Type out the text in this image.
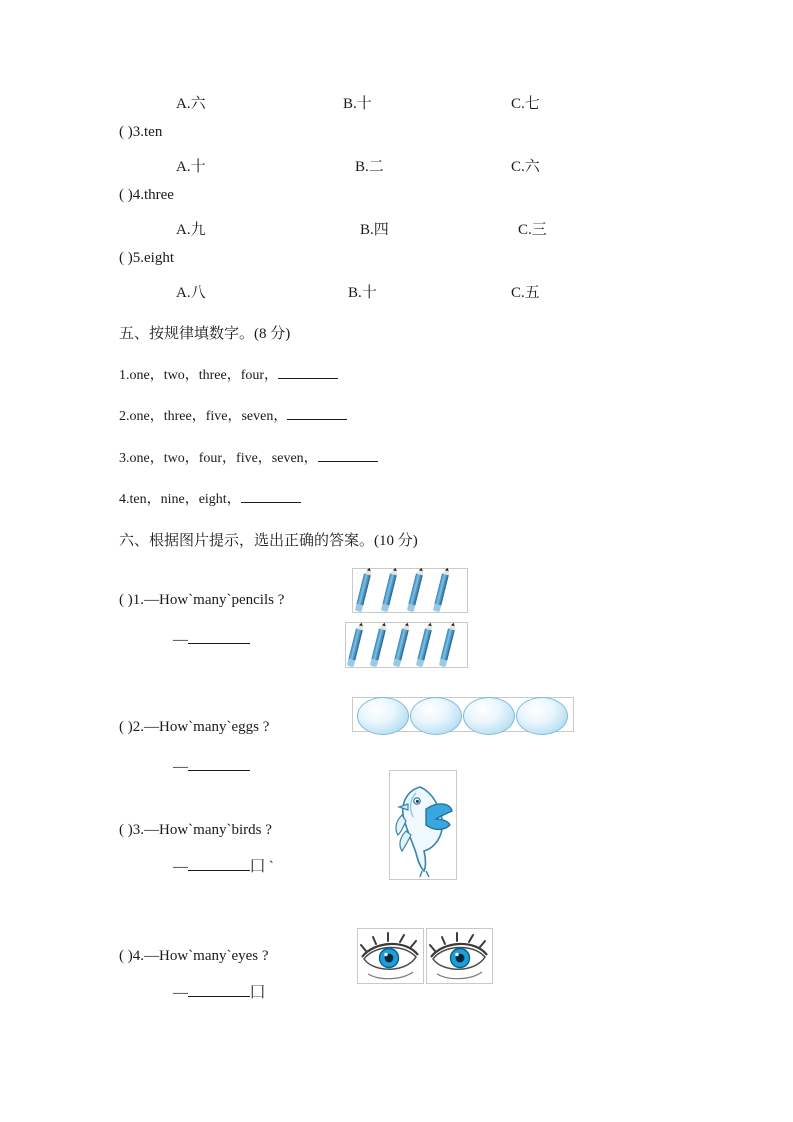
A.六	B.十	C.七
( )3.ten
A.十	B.二	C.六
( )4.three
A.九	B.四	C.三
( )5.eight
A.八	B.十	C.五
五、按规律填数字。(8 分)
1.one，two，three，four，
2.one，three，five，seven，
3.one，two，four，five，seven，
4.ten，nine，eight，
六、根据图片提示，选出正确的答案。(10 分)
( )1.—How`many`pencils ?
—
( )2.—How`many`eggs ?
—
( )3.—How`many`birds ?
—	囗 `
( )4.—How`many`eyes ?
—	囗
